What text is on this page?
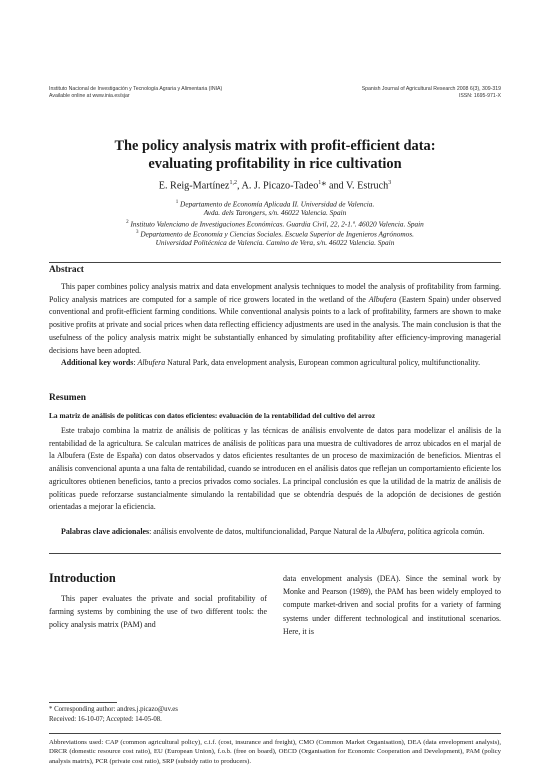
Instituto Nacional de Investigación y Tecnología Agraria y Alimentaria (INIA)
Available online at www.inia.es/sjar
Spanish Journal of Agricultural Research 2008 6(3), 309-319
ISSN: 1695-971-X
The policy analysis matrix with profit-efficient data:
evaluating profitability in rice cultivation
E. Reig-Martínez$^{1,2}$, A. J. Picazo-Tadeo$^1$* and V. Estruch$^3$
$^1$ Departamento de Economía Aplicada II. Universidad de Valencia.
Avda. dels Tarongers, s/n. 46022 Valencia. Spain
$^2$ Instituto Valenciano de Investigaciones Económicas. Guardia Civil, 22, 2-1.ª. 46020 Valencia. Spain
$^3$ Departamento de Economía y Ciencias Sociales. Escuela Superior de Ingenieros Agrónomos.
Universidad Politécnica de Valencia. Camino de Vera, s/n. 46022 Valencia. Spain
Abstract

This paper combines policy analysis matrix and data envelopment analysis techniques to model the analysis of profitability from farming. Policy analysis matrices are computed for a sample of rice growers located in the wetland of the Albufera (Eastern Spain) under observed conventional and profit-efficient farming conditions. While conventional analysis points to a lack of profitability, farmers are shown to make positive profits at private and social prices when data reflecting efficiency adjustments are used in the analysis. The main conclusion is that the usefulness of the policy analysis matrix might be substantially enhanced by simulating profitability after efficiency-improving managerial decisions have been adopted.

Additional key words: Albufera Natural Park, data envelopment analysis, European common agricultural policy, multifunctionality.

Resumen
La matriz de análisis de políticas con datos eficientes: evaluación de la rentabilidad del cultivo del arroz

Este trabajo combina la matriz de análisis de políticas y las técnicas de análisis envolvente de datos para modelizar el análisis de la rentabilidad de la agricultura. Se calculan matrices de análisis de políticas para una muestra de cultivadores de arroz ubicados en el marjal de la Albufera (Este de España) con datos observados y datos eficientes resultantes de un proceso de maximización de beneficios. Mientras el análisis convencional apunta a una falta de rentabilidad, cuando se introducen en el análisis datos que reflejan un comportamiento eficiente los agricultores obtienen beneficios, tanto a precios privados como sociales. La principal conclusión es que la utilidad de la matriz de análisis de políticas puede reforzarse sustancialmente simulando la rentabilidad que se obtendría después de la adopción de decisiones de gestión orientadas a mejorar la eficiencia.

Palabras clave adicionales: análisis envolvente de datos, multifuncionalidad, Parque Natural de la Albufera, política agrícola común.

Introduction

This paper evaluates the private and social profitability of farming systems by combining the use of two different tools: the policy analysis matrix (PAM) and

data envelopment analysis (DEA). Since the seminal work by Monke and Pearson (1989), the PAM has been widely employed to compute market-driven and social profits for a variety of farming systems under different technological and institutional scenarios. Here, it is

* Corresponding author: andres.j.picazo@uv.es
Received: 16-10-07; Accepted: 14-05-08.
Abbreviations used: CAP (common agricultural policy), c.i.f. (cost, insurance and freight), CMO (Common Market Organisation), DEA (data envelopment analysis), DRCR (domestic resource cost ratio), EU (European Union), f.o.b. (free on board), OECD (Organisation for Economic Cooperation and Development), PAM (policy analysis matrix), PCR (private cost ratio), SRP (subsidy ratio to producers).
